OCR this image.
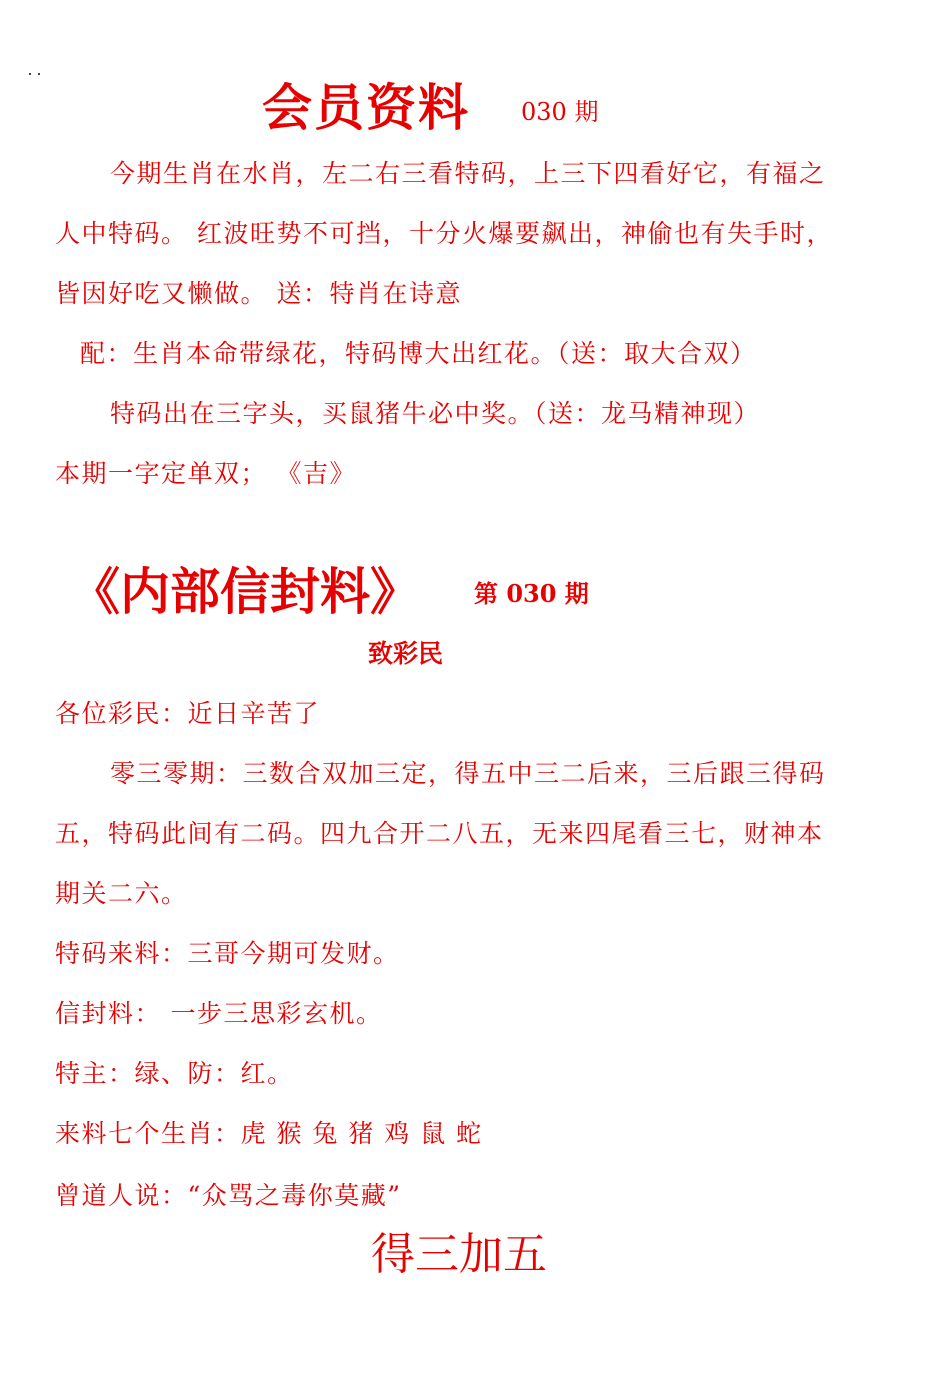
会员资料 030 期
今期生肖在水肖，左二右三看特码，上三下四看好它，有福之
人中特码。 红波旺势不可挡，十分火爆要飙出，神偷也有失手时，
皆因好吃又懒做。 送：特肖在诗意
配：生肖本命带绿花，特码博大出红花。（送：取大合双）
特码出在三字头，买鼠猪牛必中奖。（送：龙马精神现）
本期一字定单双； 《吉》
《内部信封料》 第 030 期
致彩民
各位彩民：近日辛苦了
零三零期：三数合双加三定，得五中三二后来，三后跟三得码
五，特码此间有二码。四九合开二八五，无来四尾看三七，财神本
期关二六。
特码来料：三哥今期可发财。
信封料： 一步三思彩玄机。
特主：绿、防：红。
来料七个生肖：虎 猴 兔 猪 鸡 鼠 蛇
曾道人说：“众骂之毒你莫藏”
得三加五
